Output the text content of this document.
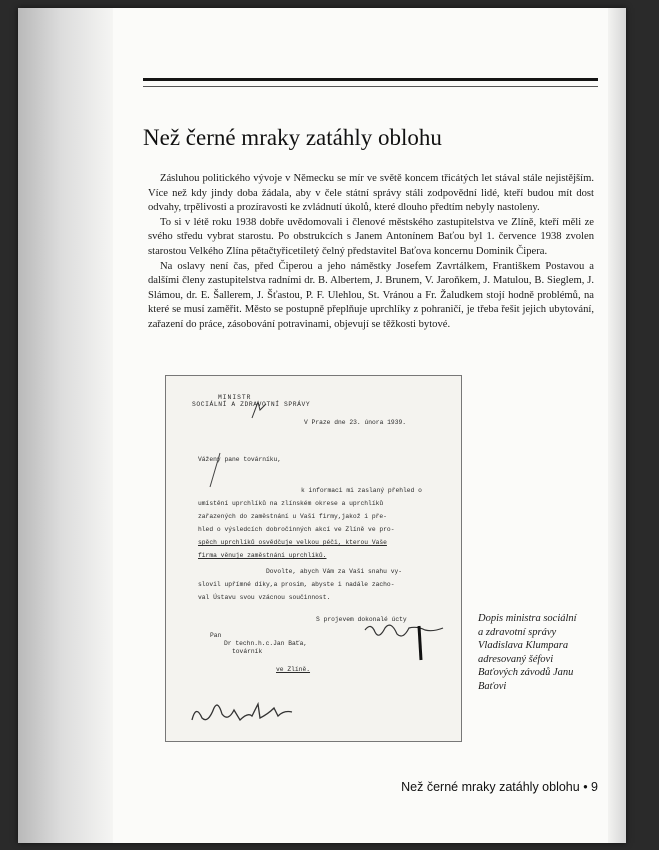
Než černé mraky zatáhly oblohu

Zásluhou politického vývoje v Německu se mír ve světě koncem třicátých let stával stále nejistějším. Více než kdy jindy doba žádala, aby v čele státní správy stáli zodpovědní lidé, kteří budou mít dost odvahy, trpělivosti a prozíravosti ke zvládnutí úkolů, které dlouho předtím nebyly nastoleny.

To si v létě roku 1938 dobře uvědomovali i členové městského zastupitelstva ve Zlíně, kteří měli ze svého středu vybrat starostu. Po obstrukcích s Janem Antonínem Baťou byl 1. července 1938 zvolen starostou Velkého Zlína pětačtyřicetiletý čelný představitel Baťova koncernu Dominik Čipera.

Na oslavy není čas, před Čiperou a jeho náměstky Josefem Zavrtálkem, Františkem Postavou a dalšími členy zastupitelstva radními dr. B. Albertem, J. Brunem, V. Jaroňkem, J. Matulou, B. Sieglem, J. Slámou, dr. E. Šallerem, J. Šťastou, P. F. Ulehlou, St. Vránou a Fr. Žaludkem stojí hodně problémů, na které se musí zaměřit. Město se postupně přeplňuje uprchlíky z pohraničí, je třeba řešit jejich ubytování, zařazení do práce, zásobování potravinami, objevují se těžkosti bytové.

MINISTR
SOCIÁLNÍ A ZDRAVOTNÍ SPRÁVY
V Praze dne 23. února 1939.
Vážený pane továrníku,
k informaci mi zaslaný přehled o
umístění uprchlíků na zlínském okrese a uprchlíků
zařazených do zaměstnání u Vaší firmy,jakož i pře-
hled o výsledcích dobročinných akcí ve Zlíně ve pro-
spěch uprchlíků osvědčuje velkou péči, kterou Vaše
firma věnuje zaměstnání uprchlíků.
Dovolte, abych Vám za Vaši snahu vy-
slovil upřímné díky,a prosím, abyste i nadále zacho-
val Ústavu svou vzácnou součinnost.
S projevem dokonalé úcty
Pan
Dr techn.h.c.Jan Baťa,
továrník
ve Zlíně.
Dopis ministra sociální
a zdravotní správy
Vladislava Klumpara
adresovaný šéfovi
Baťových závodů Janu
Baťovi
Než černé mraky zatáhly oblohu • 9
